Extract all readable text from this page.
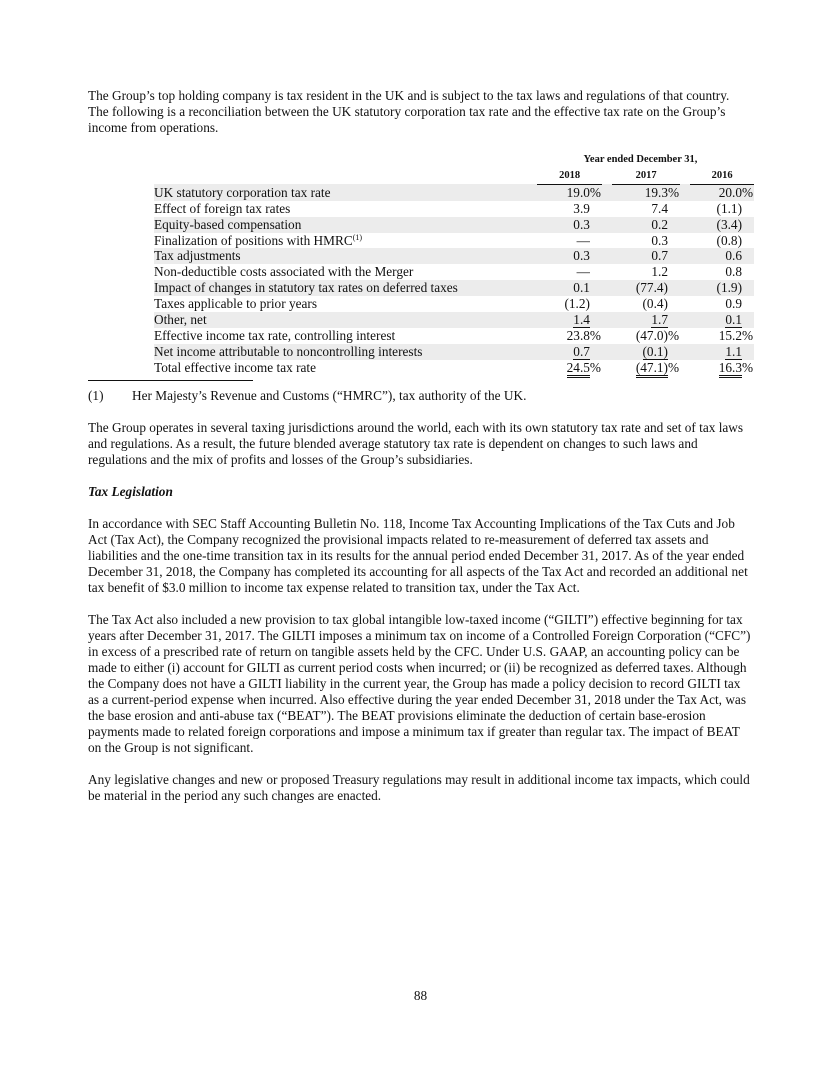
The Group’s top holding company is tax resident in the UK and is subject to the tax laws and regulations of that country. The following is a reconciliation between the UK statutory corporation tax rate and the effective tax rate on the Group’s income from operations.

	Year ended December 31,					
		2018		2017		2016
UK statutory corporation tax rate		19.0%		19.3%		20.0%
Effect of foreign tax rates		3.9		7.4		(1.1)
Equity-based compensation		0.3		0.2		(3.4)
Finalization of positions with HMRC$^{(1)}$		—		0.3		(0.8)
Tax adjustments		0.3		0.7		0.6
Non-deductible costs associated with the Merger		—		1.2		0.8
Impact of changes in statutory tax rates on deferred taxes		0.1		(77.4)		(1.9)
Taxes applicable to prior years		(1.2)		(0.4)		0.9
Other, net		1.4		1.7		0.1
Effective income tax rate, controlling interest		23.8%		(47.0)%		15.2%
Net income attributable to noncontrolling interests		0.7		(0.1)		1.1
Total effective income tax rate		24.5%		(47.1)%		16.3%

(1) Her Majesty’s Revenue and Customs (“HMRC”), tax authority of the UK.

The Group operates in several taxing jurisdictions around the world, each with its own statutory tax rate and set of tax laws and regulations. As a result, the future blended average statutory tax rate is dependent on changes to such laws and regulations and the mix of profits and losses of the Group’s subsidiaries.

Tax Legislation

In accordance with SEC Staff Accounting Bulletin No. 118, Income Tax Accounting Implications of the Tax Cuts and Job Act (Tax Act), the Company recognized the provisional impacts related to re-measurement of deferred tax assets and liabilities and the one-time transition tax in its results for the annual period ended December 31, 2017. As of the year ended December 31, 2018, the Company has completed its accounting for all aspects of the Tax Act and recorded an additional net tax benefit of $3.0 million to income tax expense related to transition tax, under the Tax Act.

The Tax Act also included a new provision to tax global intangible low-taxed income (“GILTI”) effective beginning for tax years after December 31, 2017. The GILTI imposes a minimum tax on income of a Controlled Foreign Corporation (“CFC”) in excess of a prescribed rate of return on tangible assets held by the CFC. Under U.S. GAAP, an accounting policy can be made to either (i) account for GILTI as current period costs when incurred; or (ii) be recognized as deferred taxes. Although the Company does not have a GILTI liability in the current year, the Group has made a policy decision to record GILTI tax as a current-period expense when incurred. Also effective during the year ended December 31, 2018 under the Tax Act, was the base erosion and anti-abuse tax (“BEAT”). The BEAT provisions eliminate the deduction of certain base-erosion payments made to related foreign corporations and impose a minimum tax if greater than regular tax. The impact of BEAT on the Group is not significant.

Any legislative changes and new or proposed Treasury regulations may result in additional income tax impacts, which could be material in the period any such changes are enacted.

88
